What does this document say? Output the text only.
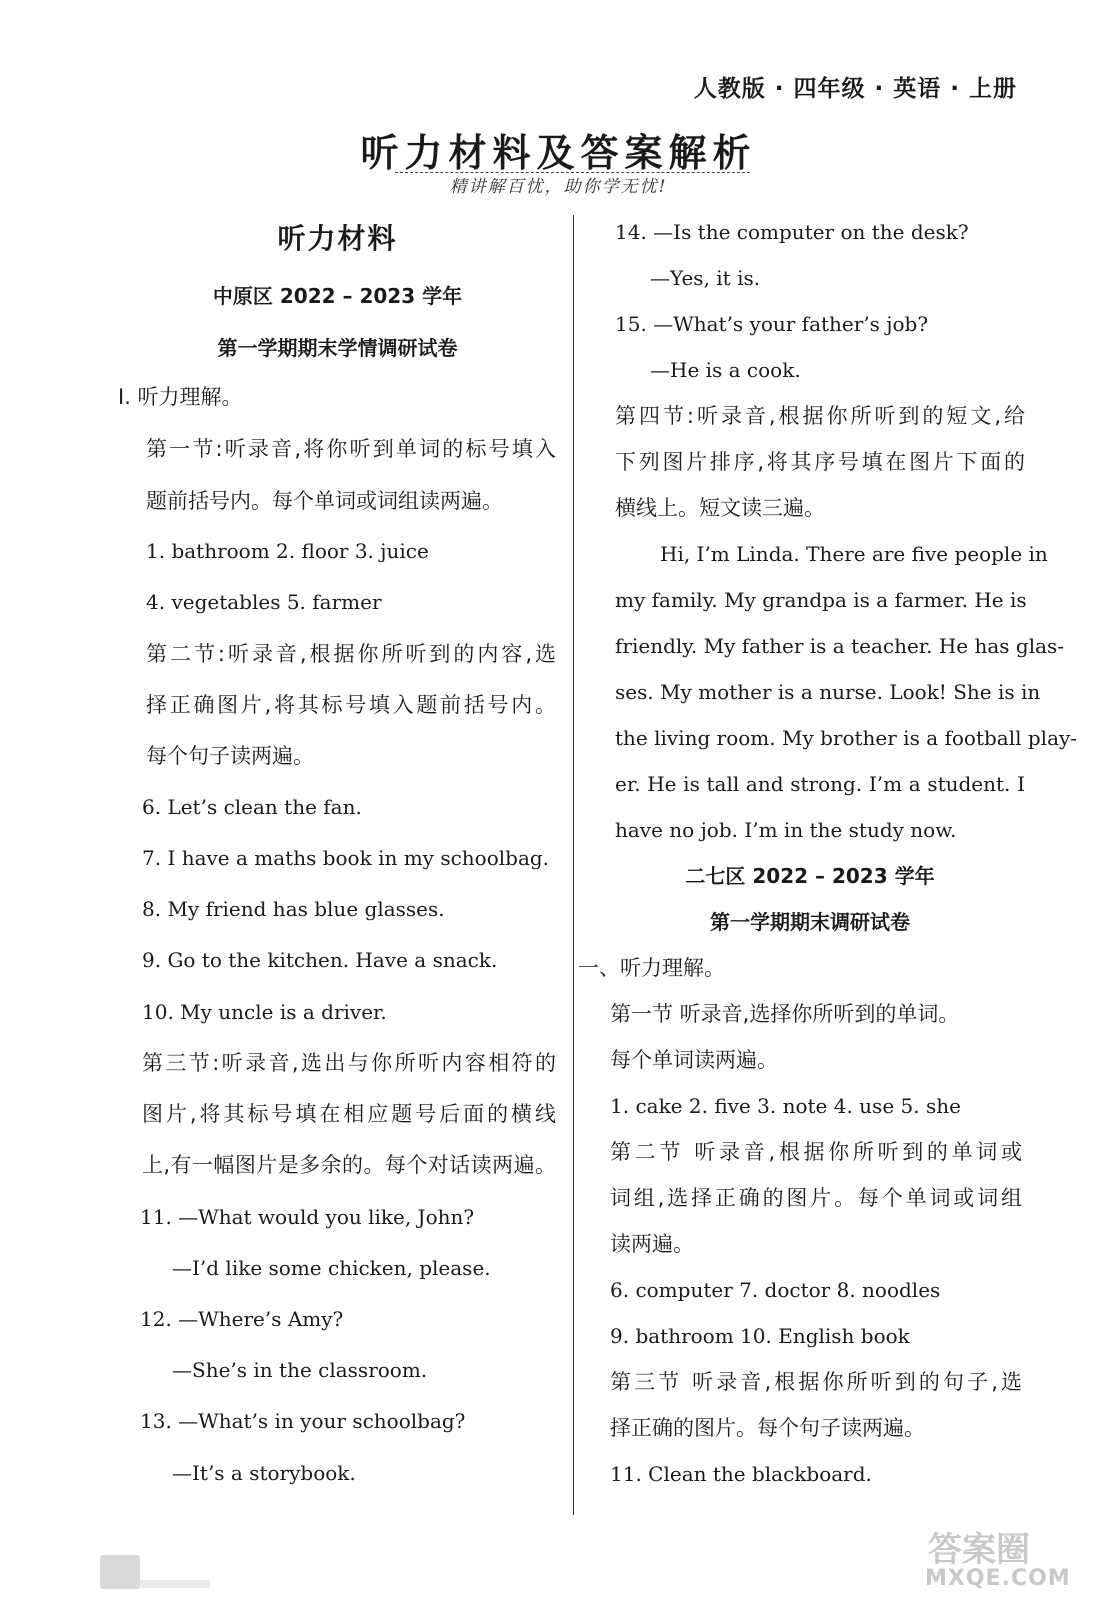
人教版 · 四年级 · 英语 · 上册
听力材料及答案解析
精讲解百忧，助你学无忧!
听力材料
中原区 2022 – 2023 学年
第一学期期末学情调研试卷
Ⅰ. 听力理解。
第一节:听录音,将你听到单词的标号填入
题前括号内。每个单词或词组读两遍。
1. bathroom 2. floor 3. juice
4. vegetables 5. farmer
第二节:听录音,根据你所听到的内容,选
择正确图片,将其标号填入题前括号内。
每个句子读两遍。
6. Let’s clean the fan.
7. I have a maths book in my schoolbag.
8. My friend has blue glasses.
9. Go to the kitchen. Have a snack.
10. My uncle is a driver.
第三节:听录音,选出与你所听内容相符的
图片,将其标号填在相应题号后面的横线
上,有一幅图片是多余的。每个对话读两遍。
11. —What would you like, John?
—I’d like some chicken, please.
12. —Where’s Amy?
—She’s in the classroom.
13. —What’s in your schoolbag?
—It’s a storybook.
14. —Is the computer on the desk?
—Yes, it is.
15. —What’s your father’s job?
—He is a cook.
第四节:听录音,根据你所听到的短文,给
下列图片排序,将其序号填在图片下面的
横线上。短文读三遍。
Hi, I’m Linda. There are five people in
my family. My grandpa is a farmer. He is
friendly. My father is a teacher. He has glas-
ses. My mother is a nurse. Look! She is in
the living room. My brother is a football play-
er. He is tall and strong. I’m a student. I
have no job. I’m in the study now.
二七区 2022 – 2023 学年
第一学期期末调研试卷
一、听力理解。
第一节 听录音,选择你所听到的单词。
每个单词读两遍。
1. cake 2. five 3. note 4. use 5. she
第二节 听录音,根据你所听到的单词或
词组,选择正确的图片。每个单词或词组
读两遍。
6. computer 7. doctor 8. noodles
9. bathroom 10. English book
第三节 听录音,根据你所听到的句子,选
择正确的图片。每个句子读两遍。
11. Clean the blackboard.
答案圈
MXQE.COM
